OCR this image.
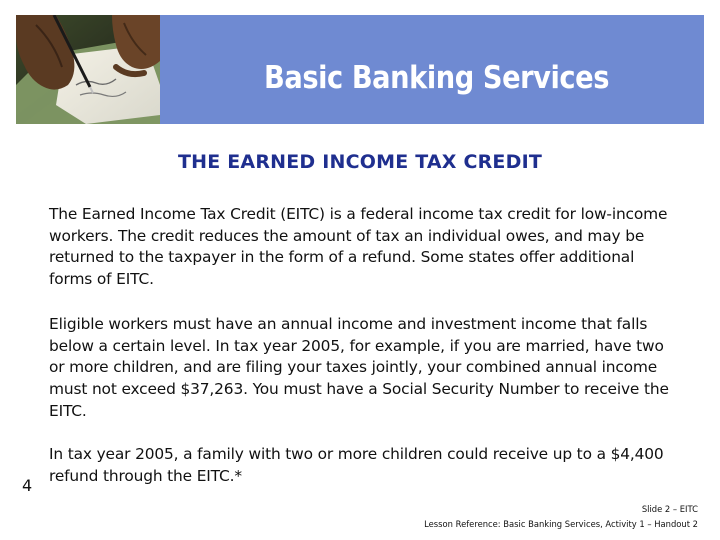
Basic Banking Services
THE EARNED INCOME TAX CREDIT
The Earned Income Tax Credit (EITC) is a federal income tax credit for low-income workers. The credit reduces the amount of tax an individual owes, and may be returned to the taxpayer in the form of a refund. Some states offer additional forms of EITC.
Eligible workers must have an annual income and investment income that falls below a certain level. In tax year 2005, for example, if you are married, have two or more children, and are filing your taxes jointly, your combined annual income must not exceed $37,263. You must have a Social Security Number to receive the EITC.
In tax year 2005, a family with two or more children could receive up to a $4,400 refund through the EITC.*
4
Slide 2 – EITC
Lesson Reference: Basic Banking Services, Activity 1 – Handout 2
